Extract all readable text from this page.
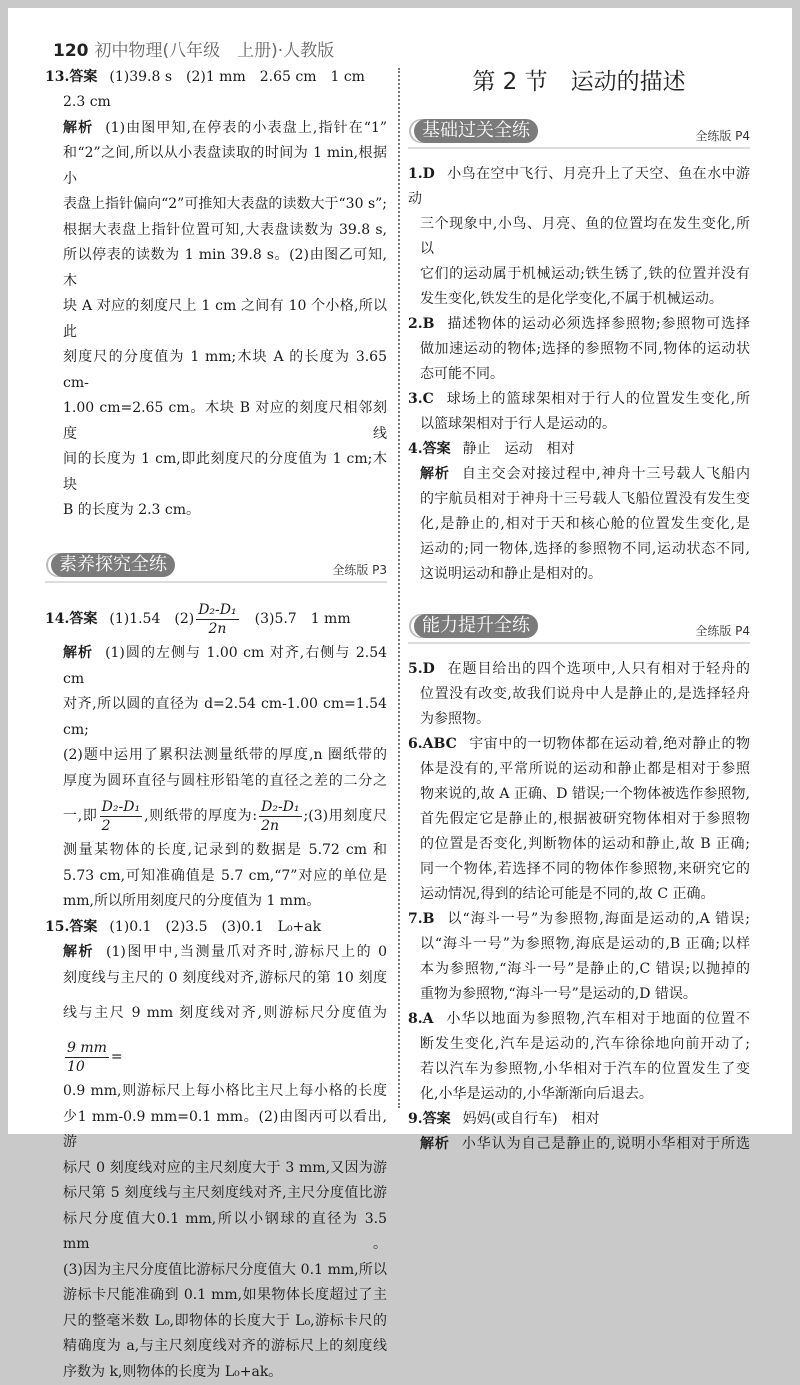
120 初中物理(八年级　上册)·人教版
第 2 节　运动的描述
13.答案 (1)39.8 s　(2)1 mm　2.65 cm　1 cm
2.3 cm
解析 (1)由图甲知,在停表的小表盘上,指针在“1”
和“2”之间,所以从小表盘读取的时间为 1 min,根据小
表盘上指针偏向“2”可推知大表盘的读数大于“30 s”;
根据大表盘上指针位置可知,大表盘读数为 39.8 s,
所以停表的读数为 1 min 39.8 s。(2)由图乙可知,木
块 A 对应的刻度尺上 1 cm 之间有 10 个小格,所以此
刻度尺的分度值为 1 mm;木块 A 的长度为 3.65 cm-
1.00 cm=2.65 cm。木块 B 对应的刻度尺相邻刻度线
间的长度为 1 cm,即此刻度尺的分度值为 1 cm;木块
B 的长度为 2.3 cm。
素养探究全练	全练版 P3
14.答案 (1)1.54　$(2) \frac{\text{D₂-D₁}}{2n}$ 　(3)5.7　1 mm
解析 (1)圆的左侧与 1.00 cm 对齐,右侧与 2.54 cm
对齐,所以圆的直径为 d=2.54 cm-1.00 cm=1.54 cm;
(2)题中运用了累积法测量纸带的厚度,n 圈纸带的
厚度为圆环直径与圆柱形铅笔的直径之差的二分之
一,即 $\frac{\text{D₂-D₁}}{2}$ ,则纸带的厚度为: $\frac{\text{D₂-D₁}}{2n}$ ;(3)用刻度尺
测量某物体的长度,记录到的数据是 5.72 cm 和
5.73 cm,可知准确值是 5.7 cm,“7”对应的单位是
mm,所以所用刻度尺的分度值为 1 mm。
15.答案 (1)0.1　(2)3.5　(3)0.1　L₀+ak
解析 (1)图甲中,当测量爪对齐时,游标尺上的 0
刻度线与主尺的 0 刻度线对齐,游标尺的第 10 刻度
线与主尺 9 mm 刻度线对齐,则游标尺分度值为
$\frac{9 mm}{10}$ =
0.9 mm,则游标尺上每小格比主尺上每小格的长度
少1 mm-0.9 mm=0.1 mm。(2)由图丙可以看出,游
标尺 0 刻度线对应的主尺刻度大于 3 mm,又因为游
标尺第 5 刻度线与主尺刻度线对齐,主尺分度值比游
标尺分度值大0.1 mm,所以小钢球的直径为 3.5 mm。
(3)因为主尺分度值比游标尺分度值大 0.1 mm,所以
游标卡尺能准确到 0.1 mm,如果物体长度超过了主
尺的整毫米数 L₀,即物体的长度大于 L₀,游标卡尺的
精确度为 a,与主尺刻度线对齐的游标尺上的刻度线
序数为 k,则物体的长度为 L₀+ak。
基础过关全练	全练版 P4
1.D 小鸟在空中飞行、月亮升上了天空、鱼在水中游动
三个现象中,小鸟、月亮、鱼的位置均在发生变化,所以
它们的运动属于机械运动;铁生锈了,铁的位置并没有
发生变化,铁发生的是化学变化,不属于机械运动。
2.B 描述物体的运动必须选择参照物;参照物可选择
做加速运动的物体;选择的参照物不同,物体的运动状
态可能不同。
3.C 球场上的篮球架相对于行人的位置发生变化,所
以篮球架相对于行人是运动的。
4.答案 静止　运动　相对
解析 自主交会对接过程中,神舟十三号载人飞船内
的宇航员相对于神舟十三号载人飞船位置没有发生变
化,是静止的,相对于天和核心舱的位置发生变化,是
运动的;同一物体,选择的参照物不同,运动状态不同,
这说明运动和静止是相对的。
能力提升全练	全练版 P4
5.D 在题目给出的四个选项中,人只有相对于轻舟的
位置没有改变,故我们说舟中人是静止的,是选择轻舟
为参照物。
6.ABC 宇宙中的一切物体都在运动着,绝对静止的物
体是没有的,平常所说的运动和静止都是相对于参照
物来说的,故 A 正确、D 错误;一个物体被选作参照物,
首先假定它是静止的,根据被研究物体相对于参照物
的位置是否变化,判断物体的运动和静止,故 B 正确;
同一个物体,若选择不同的物体作参照物,来研究它的
运动情况,得到的结论可能是不同的,故 C 正确。
7.B 以“海斗一号”为参照物,海面是运动的,A 错误;
以“海斗一号”为参照物,海底是运动的,B 正确;以样
本为参照物,“海斗一号”是静止的,C 错误;以抛掉的
重物为参照物,“海斗一号”是运动的,D 错误。
8.A 小华以地面为参照物,汽车相对于地面的位置不
断发生变化,汽车是运动的,汽车徐徐地向前开动了;
若以汽车为参照物,小华相对于汽车的位置发生了变
化,小华是运动的,小华渐渐向后退去。
9.答案 妈妈(或自行车)　相对
解析 小华认为自己是静止的,说明小华相对于所选
